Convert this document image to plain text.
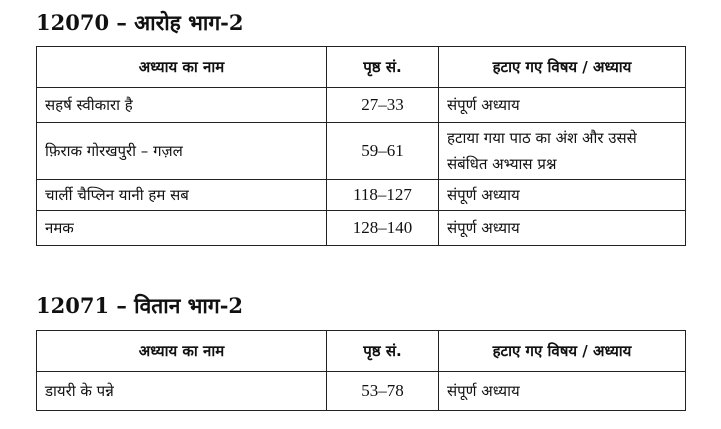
12070 – आरोह भाग-2
अध्याय का नाम	पृष्ठ सं.	हटाए गए विषय / अध्याय
सहर्ष स्वीकारा है	27–33	संपूर्ण अध्याय
फ़िराक गोरखपुरी – गज़ल	59–61	हटाया गया पाठ का अंश और उससे संबंधित अभ्यास प्रश्न
चार्ली चैप्लिन यानी हम सब	118–127	संपूर्ण अध्याय
नमक	128–140	संपूर्ण अध्याय
12071 – वितान भाग-2
अध्याय का नाम	पृष्ठ सं.	हटाए गए विषय / अध्याय
डायरी के पन्ने	53–78	संपूर्ण अध्याय
